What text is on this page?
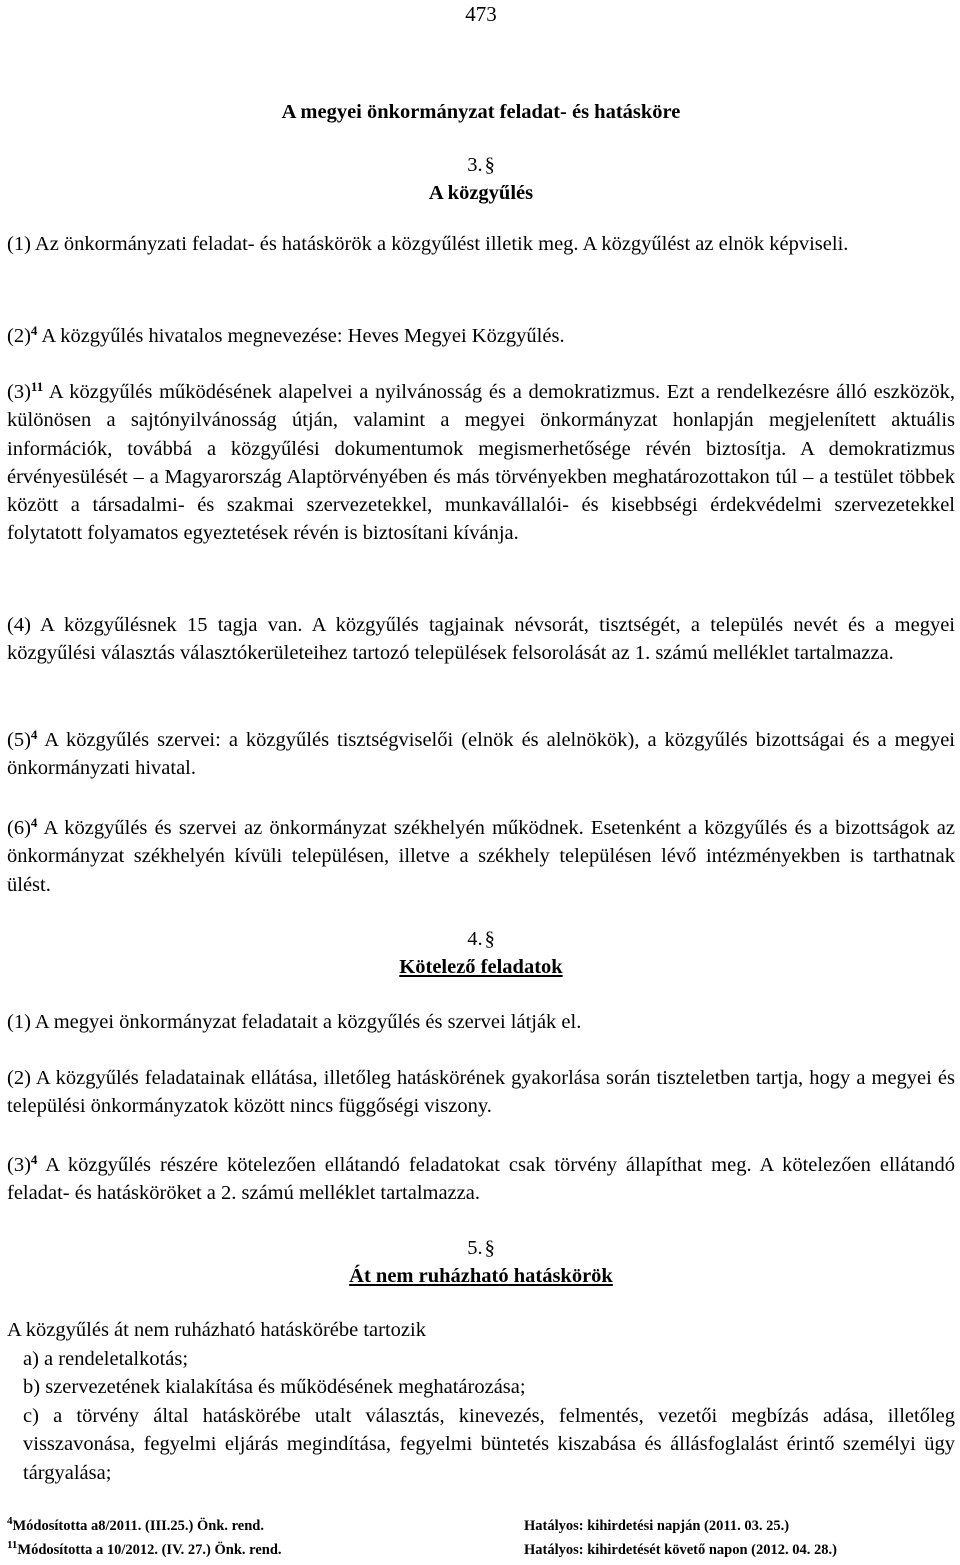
473
A megyei önkormányzat feladat- és hatásköre
3.§
A közgyűlés
(1) Az önkormányzati feladat- és hatáskörök a közgyűlést illetik meg. A közgyűlést az elnök képviseli.
$(2)^4$ A közgyűlés hivatalos megnevezése: Heves Megyei Közgyűlés.
$(3)^{11}$ A közgyűlés működésének alapelvei a nyilvánosság és a demokratizmus. Ezt a rendelkezésre álló eszközök, különösen a sajtónyilvánosság útján, valamint a megyei önkormányzat honlapján megjelenített aktuális információk, továbbá a közgyűlési dokumentumok megismerhetősége révén biztosítja. A demokratizmus érvényesülését – a Magyarország Alaptörvényében és más törvényekben meghatározottakon túl – a testület többek között a társadalmi- és szakmai szervezetekkel, munkavállalói- és kisebbségi érdekvédelmi szervezetekkel folytatott folyamatos egyeztetések révén is biztosítani kívánja.
(4) A közgyűlésnek 15 tagja van. A közgyűlés tagjainak névsorát, tisztségét, a település nevét és a megyei közgyűlési választás választókerületeihez tartozó települések felsorolását az 1. számú melléklet tartalmazza.
$(5)^4$ A közgyűlés szervei: a közgyűlés tisztségviselői (elnök és alelnökök), a közgyűlés bizottságai és a megyei önkormányzati hivatal.
$(6)^4$ A közgyűlés és szervei az önkormányzat székhelyén működnek. Esetenként a közgyűlés és a bizottságok az önkormányzat székhelyén kívüli településen, illetve a székhely településen lévő intézményekben is tarthatnak ülést.
4.§
Kötelező feladatok
(1) A megyei önkormányzat feladatait a közgyűlés és szervei látják el.
(2) A közgyűlés feladatainak ellátása, illetőleg hatáskörének gyakorlása során tiszteletben tartja, hogy a megyei és települési önkormányzatok között nincs függőségi viszony.
$(3)^4$ A közgyűlés részére kötelezően ellátandó feladatokat csak törvény állapíthat meg. A kötelezően ellátandó feladat- és hatásköröket a 2. számú melléklet tartalmazza.
5.§
Át nem ruházható hatáskörök
A közgyűlés át nem ruházható hatáskörébe tartozik
a) a rendeletalkotás;
b) szervezetének kialakítása és működésének meghatározása;
c) a törvény által hatáskörébe utalt választás, kinevezés, felmentés, vezetői megbízás adása, illetőleg visszavonása, fegyelmi eljárás megindítása, fegyelmi büntetés kiszabása és állásfoglalást érintő személyi ügy tárgyalása;
$^4$Módosította a8/2011. (III.25.) Önk. rend.	Hatályos: kihirdetési napján (2011. 03. 25.)
$^{11}$Módosította a 10/2012. (IV. 27.) Önk. rend.	Hatályos: kihirdetését követő napon (2012. 04. 28.)
